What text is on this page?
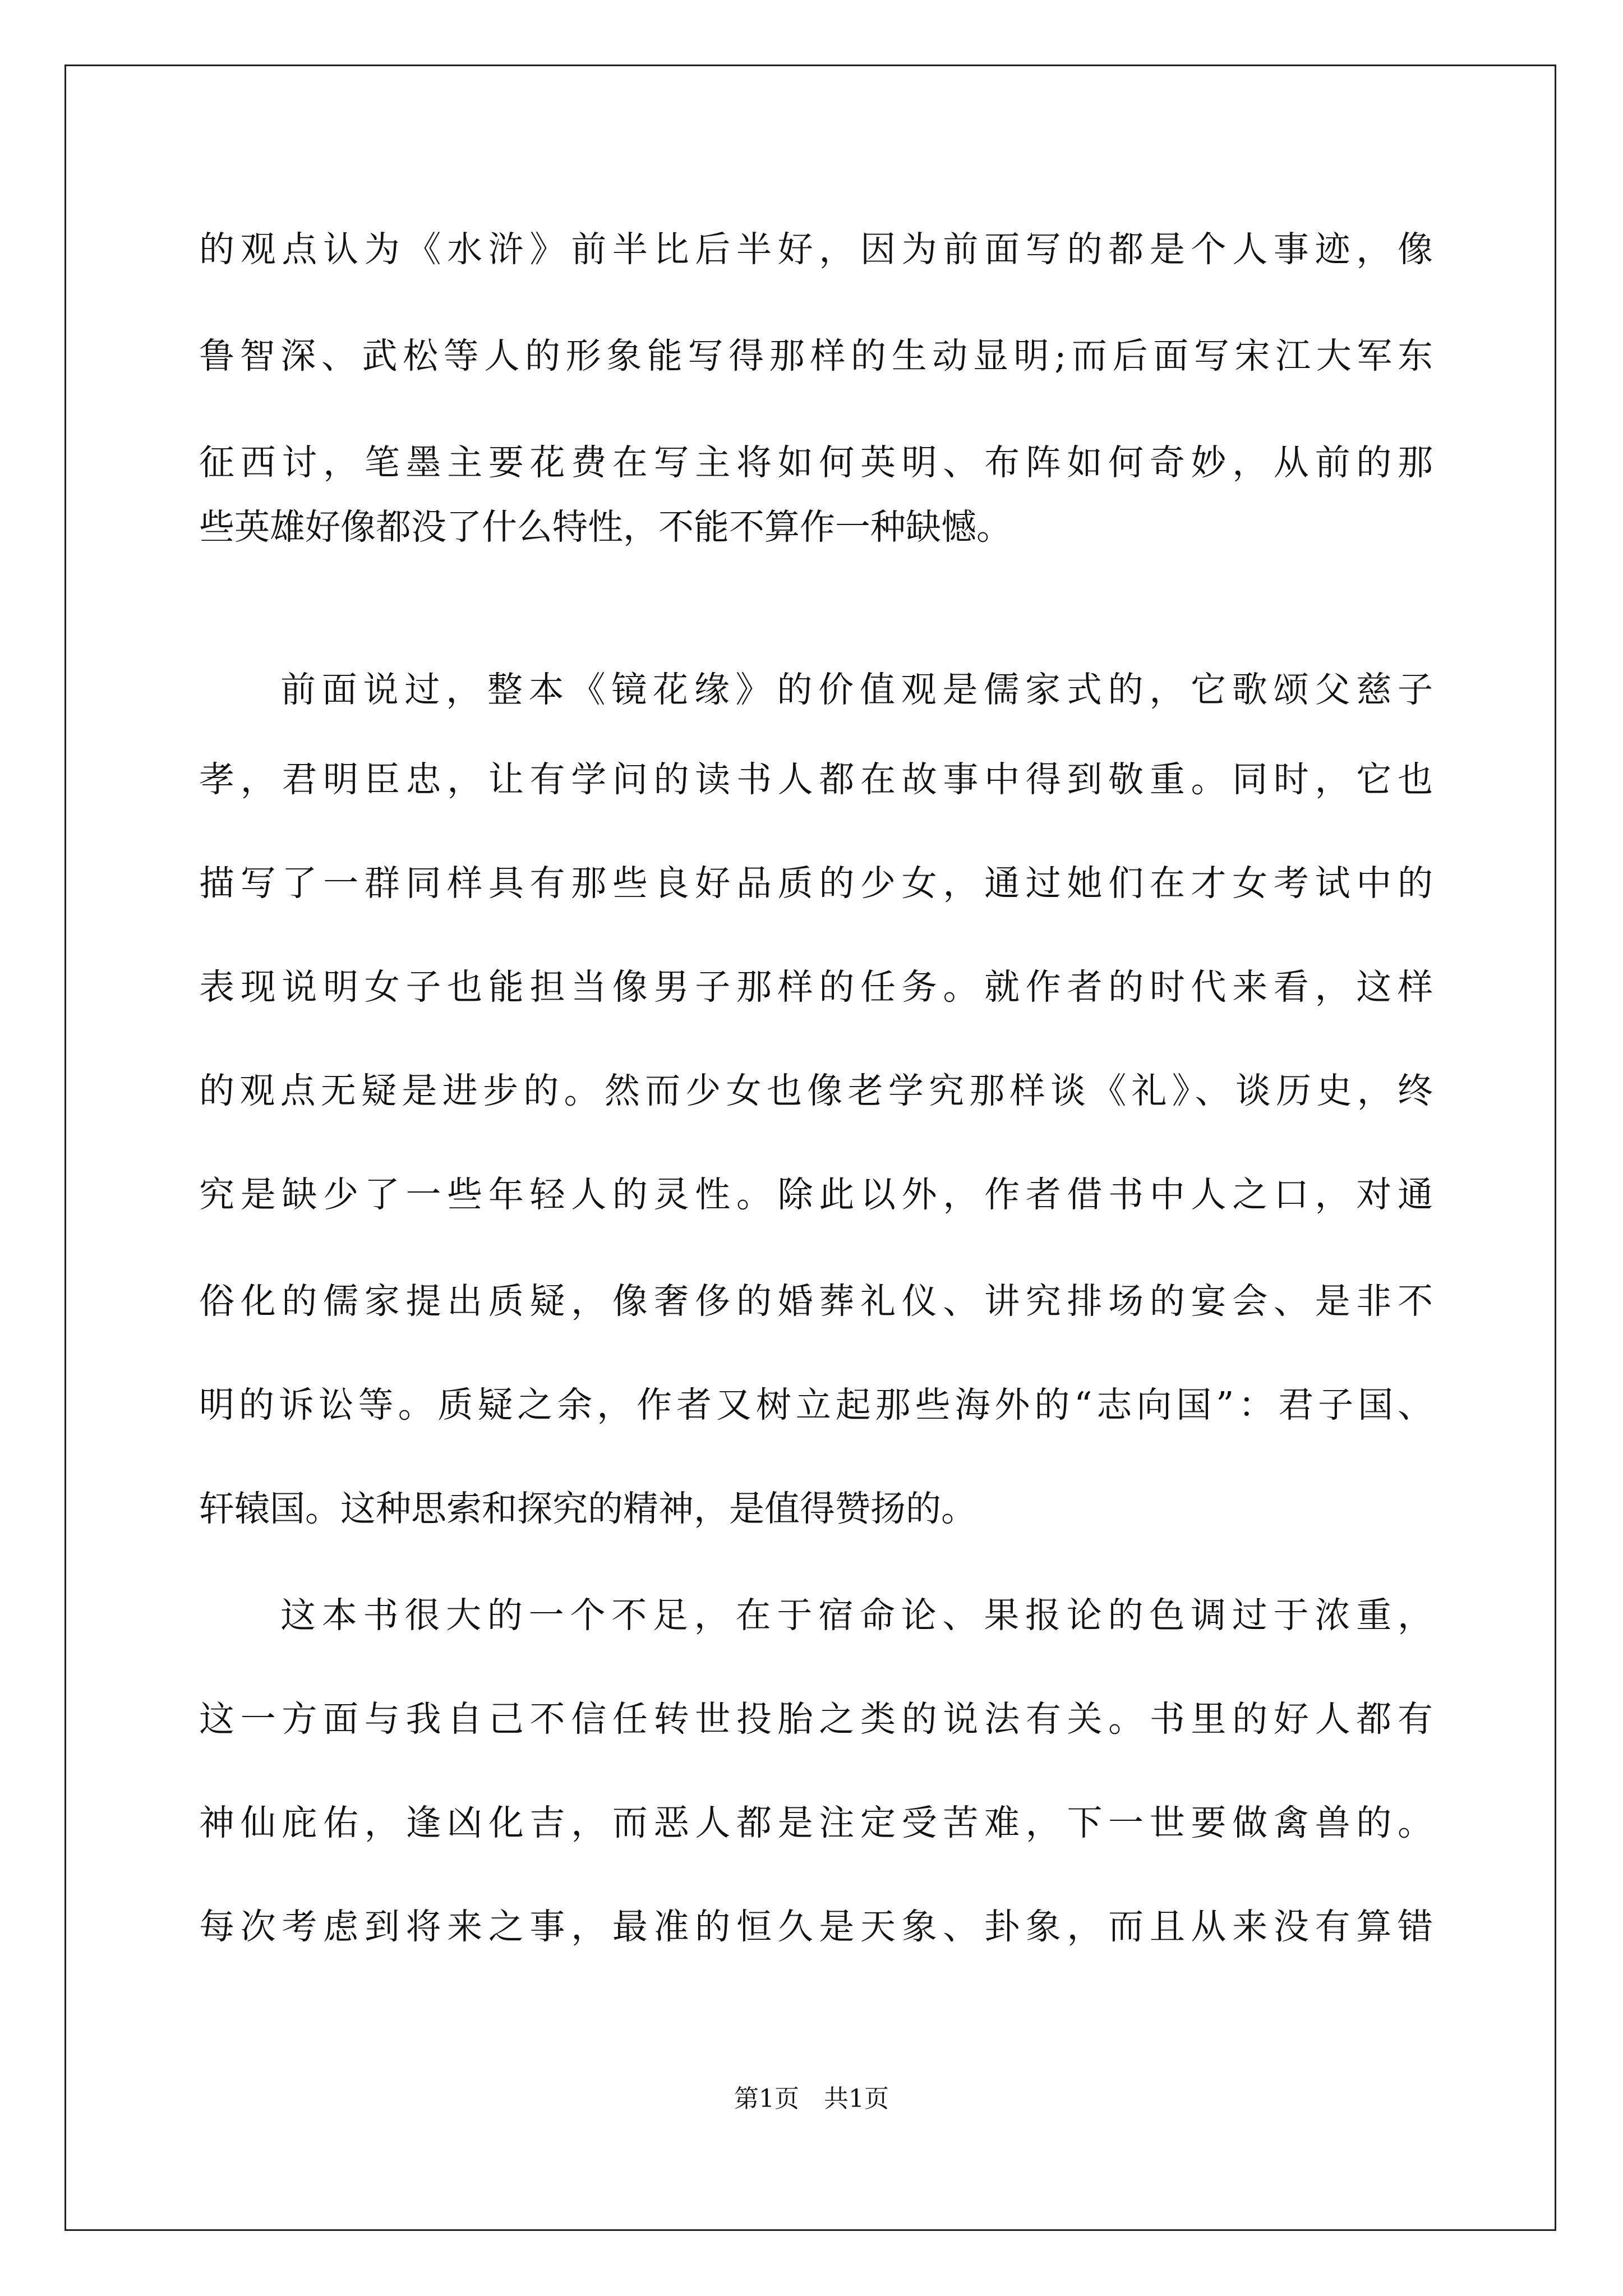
的观点认为《水浒》前半比后半好，因为前面写的都是个人事迹，像
鲁智深、武松等人的形象能写得那样的生动显明;而后面写宋江大军东
征西讨，笔墨主要花费在写主将如何英明、布阵如何奇妙，从前的那
些英雄好像都没了什么特性，不能不算作一种缺憾。
前面说过，整本《镜花缘》的价值观是儒家式的，它歌颂父慈子
孝，君明臣忠，让有学问的读书人都在故事中得到敬重。同时，它也
描写了一群同样具有那些良好品质的少女，通过她们在才女考试中的
表现说明女子也能担当像男子那样的任务。就作者的时代来看，这样
的观点无疑是进步的。然而少女也像老学究那样谈《礼》、谈历史，终
究是缺少了一些年轻人的灵性。除此以外，作者借书中人之口，对通
俗化的儒家提出质疑，像奢侈的婚葬礼仪、讲究排场的宴会、是非不
明的诉讼等。质疑之余，作者又树立起那些海外的“志向国”：君子国、
轩辕国。这种思索和探究的精神，是值得赞扬的。
这本书很大的一个不足，在于宿命论、果报论的色调过于浓重，
这一方面与我自己不信任转世投胎之类的说法有关。书里的好人都有
神仙庇佑，逢凶化吉，而恶人都是注定受苦难，下一世要做禽兽的。
每次考虑到将来之事，最准的恒久是天象、卦象，而且从来没有算错
第1页　共1页
